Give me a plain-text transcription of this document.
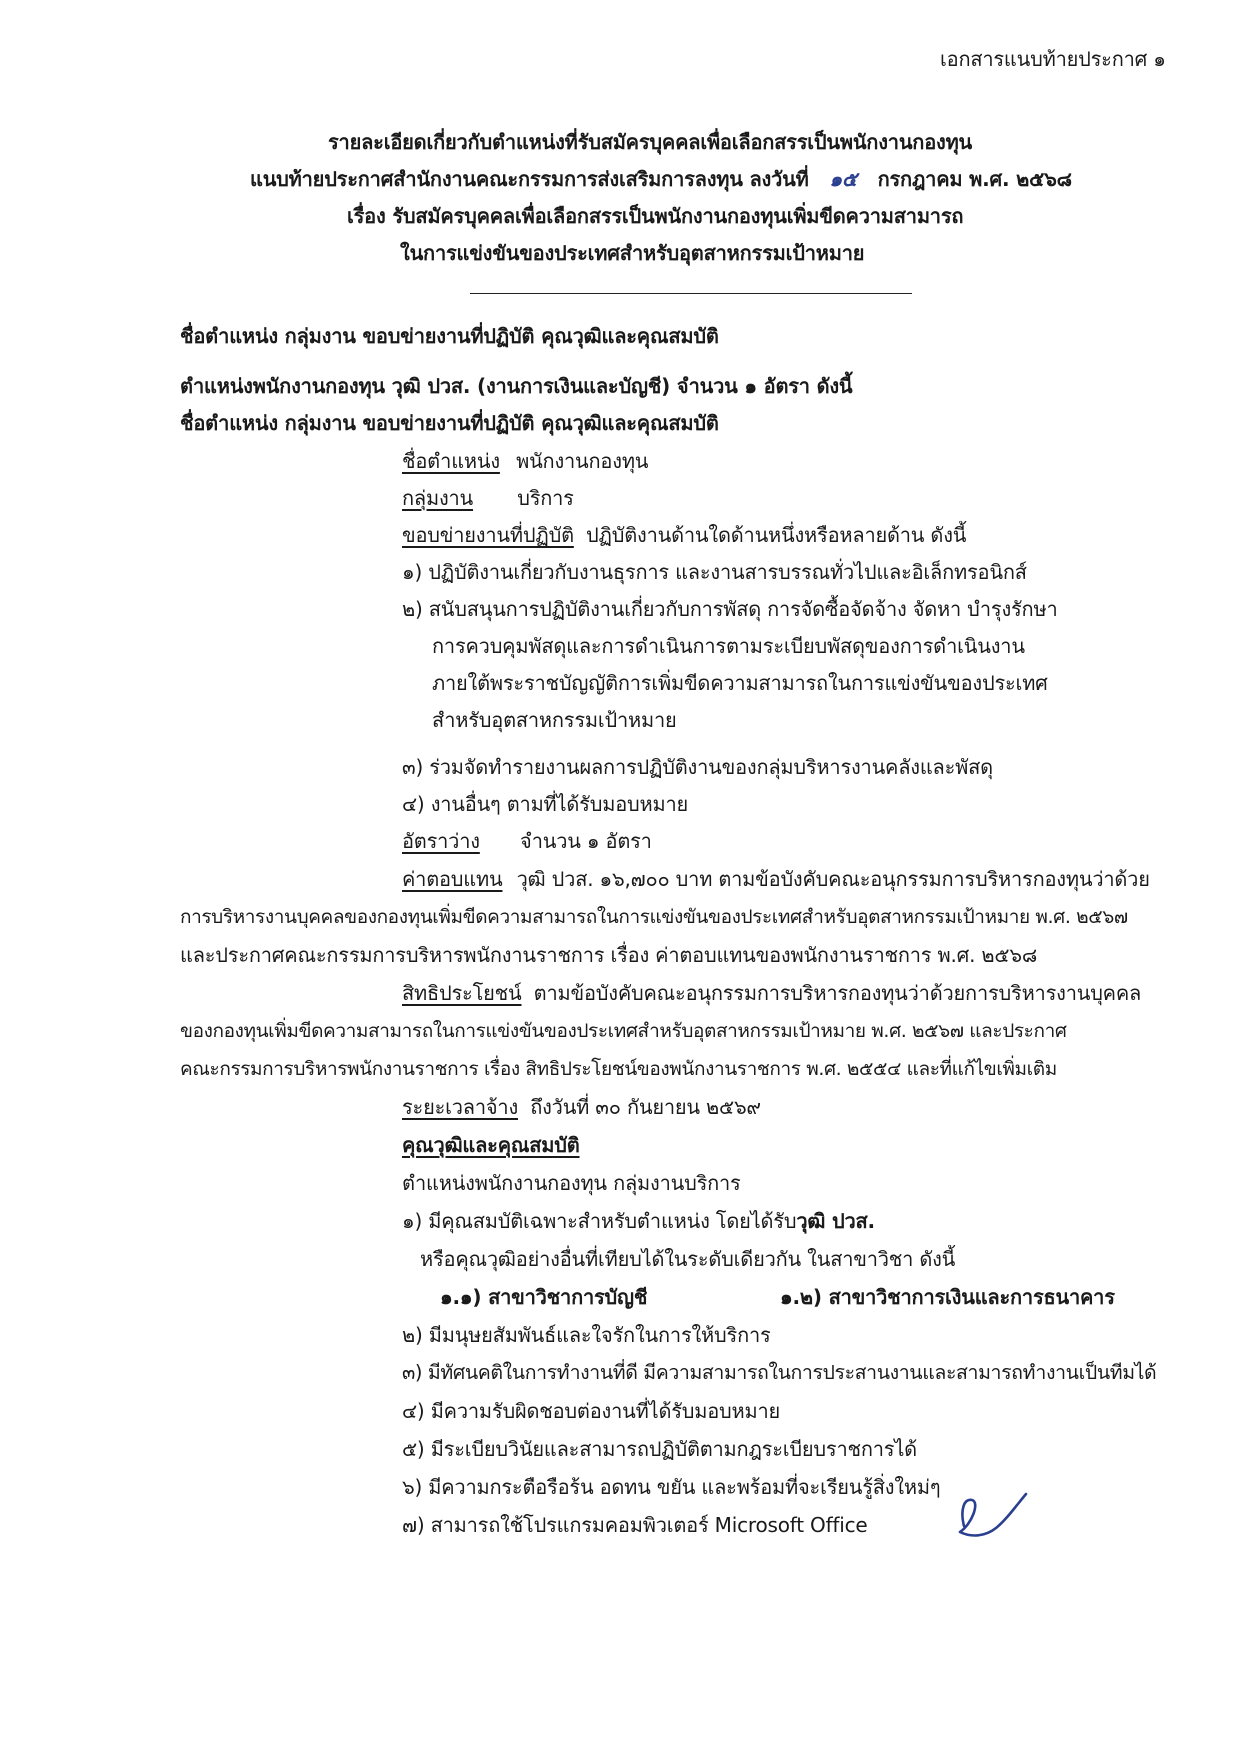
เอกสารแนบท้ายประกาศ ๑
รายละเอียดเกี่ยวกับตำแหน่งที่รับสมัครบุคคลเพื่อเลือกสรรเป็นพนักงานกองทุน
แนบท้ายประกาศสำนักงานคณะกรรมการส่งเสริมการลงทุน ลงวันที่ ๑๕ กรกฎาคม พ.ศ. ๒๕๖๘
เรื่อง รับสมัครบุคคลเพื่อเลือกสรรเป็นพนักงานกองทุนเพิ่มขีดความสามารถ
ในการแข่งขันของประเทศสำหรับอุตสาหกรรมเป้าหมาย
ชื่อตำแหน่ง กลุ่มงาน ขอบข่ายงานที่ปฏิบัติ คุณวุฒิและคุณสมบัติ
ตำแหน่งพนักงานกองทุน วุฒิ ปวส. (งานการเงินและบัญชี) จำนวน ๑ อัตรา ดังนี้
ชื่อตำแหน่ง กลุ่มงาน ขอบข่ายงานที่ปฏิบัติ คุณวุฒิและคุณสมบัติ
ชื่อตำแหน่ง พนักงานกองทุน
กลุ่มงาน บริการ
ขอบข่ายงานที่ปฏิบัติ ปฏิบัติงานด้านใดด้านหนึ่งหรือหลายด้าน ดังนี้
๑) ปฏิบัติงานเกี่ยวกับงานธุรการ และงานสารบรรณทั่วไปและอิเล็กทรอนิกส์
๒) สนับสนุนการปฏิบัติงานเกี่ยวกับการพัสดุ การจัดซื้อจัดจ้าง จัดหา บำรุงรักษา
การควบคุมพัสดุและการดำเนินการตามระเบียบพัสดุของการดำเนินงาน
ภายใต้พระราชบัญญัติการเพิ่มขีดความสามารถในการแข่งขันของประเทศ
สำหรับอุตสาหกรรมเป้าหมาย
๓) ร่วมจัดทำรายงานผลการปฏิบัติงานของกลุ่มบริหารงานคลังและพัสดุ
๔) งานอื่นๆ ตามที่ได้รับมอบหมาย
อัตราว่าง จำนวน ๑ อัตรา
ค่าตอบแทน วุฒิ ปวส. ๑๖,๗๐๐ บาท ตามข้อบังคับคณะอนุกรรมการบริหารกองทุนว่าด้วย
การบริหารงานบุคคลของกองทุนเพิ่มขีดความสามารถในการแข่งขันของประเทศสำหรับอุตสาหกรรมเป้าหมาย พ.ศ. ๒๕๖๗
และประกาศคณะกรรมการบริหารพนักงานราชการ เรื่อง ค่าตอบแทนของพนักงานราชการ พ.ศ. ๒๕๖๘
สิทธิประโยชน์ ตามข้อบังคับคณะอนุกรรมการบริหารกองทุนว่าด้วยการบริหารงานบุคคล
ของกองทุนเพิ่มขีดความสามารถในการแข่งขันของประเทศสำหรับอุตสาหกรรมเป้าหมาย พ.ศ. ๒๕๖๗ และประกาศ
คณะกรรมการบริหารพนักงานราชการ เรื่อง สิทธิประโยชน์ของพนักงานราชการ พ.ศ. ๒๕๕๔ และที่แก้ไขเพิ่มเติม
ระยะเวลาจ้าง ถึงวันที่ ๓๐ กันยายน ๒๕๖๙
คุณวุฒิและคุณสมบัติ
ตำแหน่งพนักงานกองทุน กลุ่มงานบริการ
๑) มีคุณสมบัติเฉพาะสำหรับตำแหน่ง โดยได้รับวุฒิ ปวส.
หรือคุณวุฒิอย่างอื่นที่เทียบได้ในระดับเดียวกัน ในสาขาวิชา ดังนี้
๑.๑) สาขาวิชาการบัญชี	๑.๒) สาขาวิชาการเงินและการธนาคาร
๒) มีมนุษยสัมพันธ์และใจรักในการให้บริการ
๓) มีทัศนคติในการทำงานที่ดี มีความสามารถในการประสานงานและสามารถทำงานเป็นทีมได้
๔) มีความรับผิดชอบต่องานที่ได้รับมอบหมาย
๕) มีระเบียบวินัยและสามารถปฏิบัติตามกฎระเบียบราชการได้
๖) มีความกระตือรือร้น อดทน ขยัน และพร้อมที่จะเรียนรู้สิ่งใหม่ๆ
๗) สามารถใช้โปรแกรมคอมพิวเตอร์ Microsoft Office
